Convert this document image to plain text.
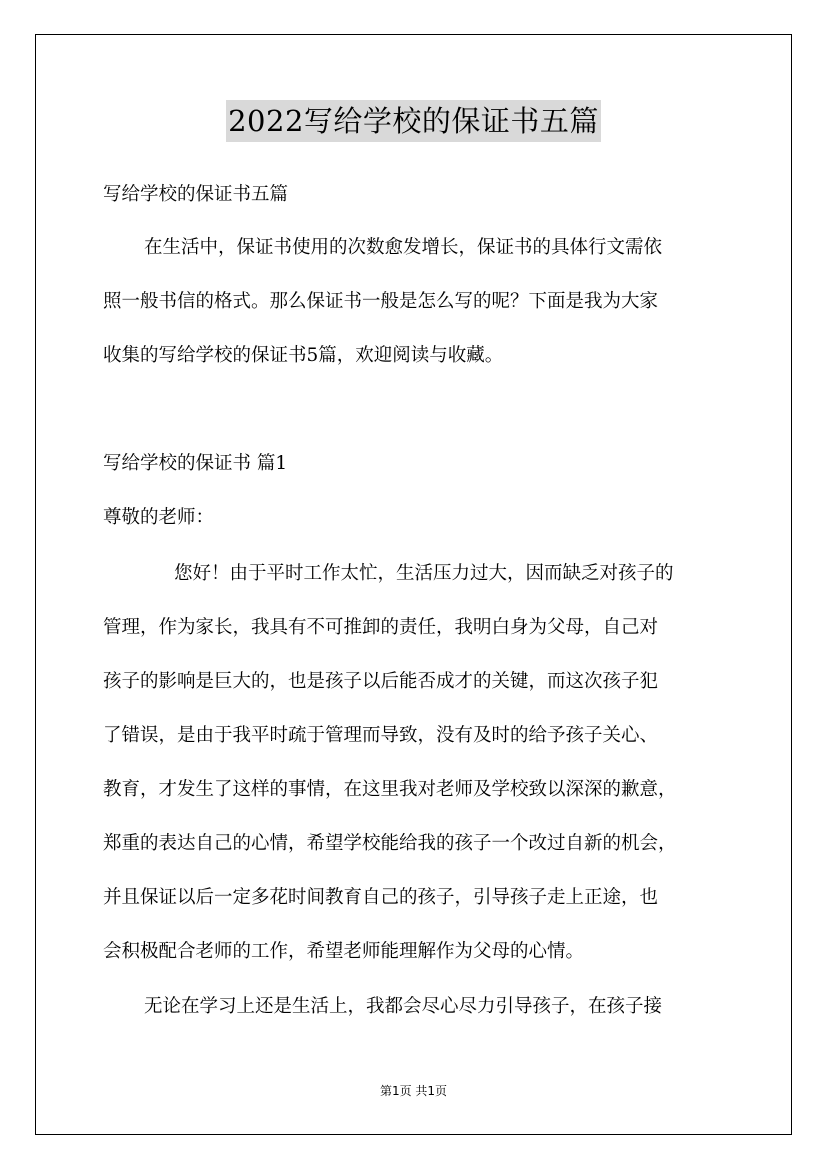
2022写给学校的保证书五篇
写给学校的保证书五篇
在生活中，保证书使用的次数愈发增长，保证书的具体行文需依
照一般书信的格式。那么保证书一般是怎么写的呢？下面是我为大家
收集的写给学校的保证书5篇，欢迎阅读与收藏。
写给学校的保证书 篇1
尊敬的老师：
您好！由于平时工作太忙，生活压力过大，因而缺乏对孩子的
管理，作为家长，我具有不可推卸的责任，我明白身为父母，自己对
孩子的影响是巨大的，也是孩子以后能否成才的关键，而这次孩子犯
了错误，是由于我平时疏于管理而导致，没有及时的给予孩子关心、
教育，才发生了这样的事情，在这里我对老师及学校致以深深的歉意，
郑重的表达自己的心情，希望学校能给我的孩子一个改过自新的机会，
并且保证以后一定多花时间教育自己的孩子，引导孩子走上正途，也
会积极配合老师的工作，希望老师能理解作为父母的心情。
无论在学习上还是生活上，我都会尽心尽力引导孩子，在孩子接
第1页 共1页
